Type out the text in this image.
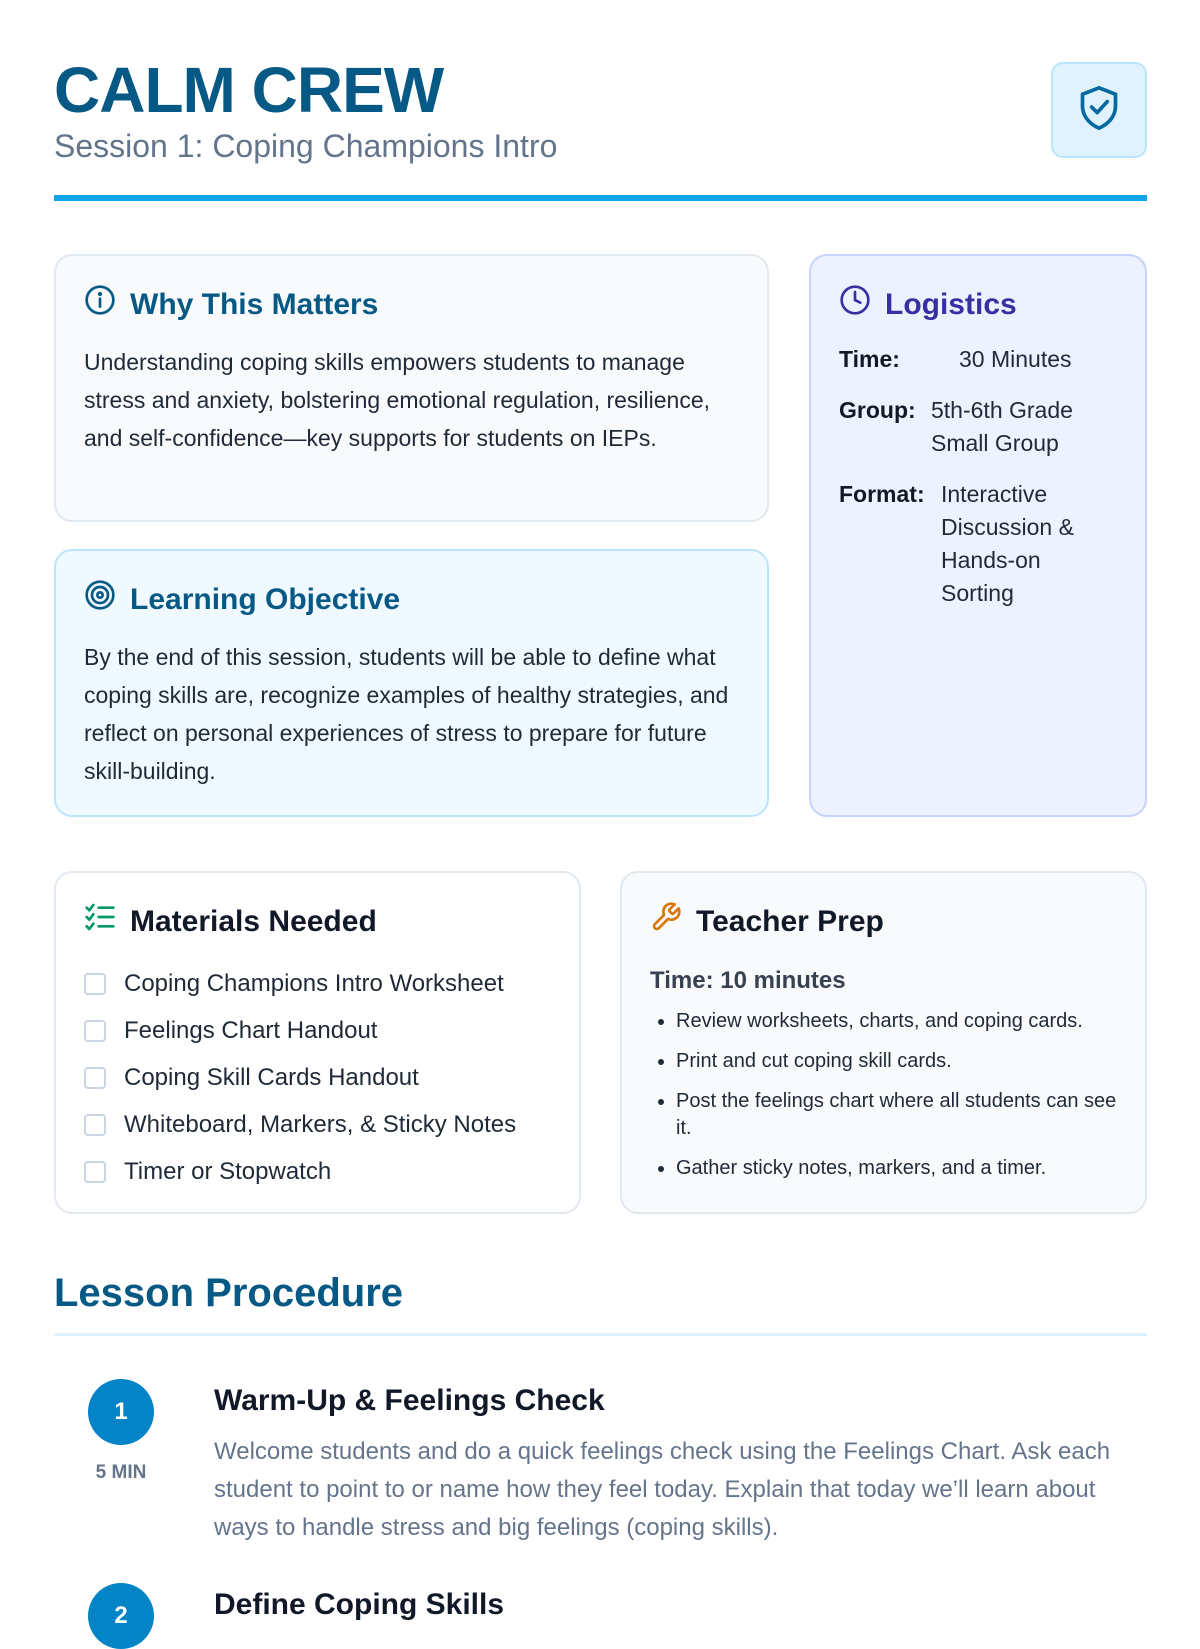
CALM CREW
Session 1: Coping Champions Intro
Why This Matters
Understanding coping skills empowers students to manage stress and anxiety, bolstering emotional regulation, resilience, and self-confidence—key supports for students on IEPs.
Learning Objective
By the end of this session, students will be able to define what coping skills are, recognize examples of healthy strategies, and reflect on personal experiences of stress to prepare for future skill-building.
Logistics
Time:	30 Minutes
Group: 5th-6th Grade Small Group
Format: Interactive Discussion & Hands-on Sorting
Materials Needed
Coping Champions Intro Worksheet
Feelings Chart Handout
Coping Skill Cards Handout
Whiteboard, Markers, & Sticky Notes
Timer or Stopwatch
Teacher Prep
Time: 10 minutes
• Review worksheets, charts, and coping cards.
• Print and cut coping skill cards.
• Post the feelings chart where all students can see it.
• Gather sticky notes, markers, and a timer.
Lesson Procedure
1
5 MIN
Warm-Up & Feelings Check
Welcome students and do a quick feelings check using the Feelings Chart. Ask each student to point to or name how they feel today. Explain that today we’ll learn about ways to handle stress and big feelings (coping skills).
2	Define Coping Skills
